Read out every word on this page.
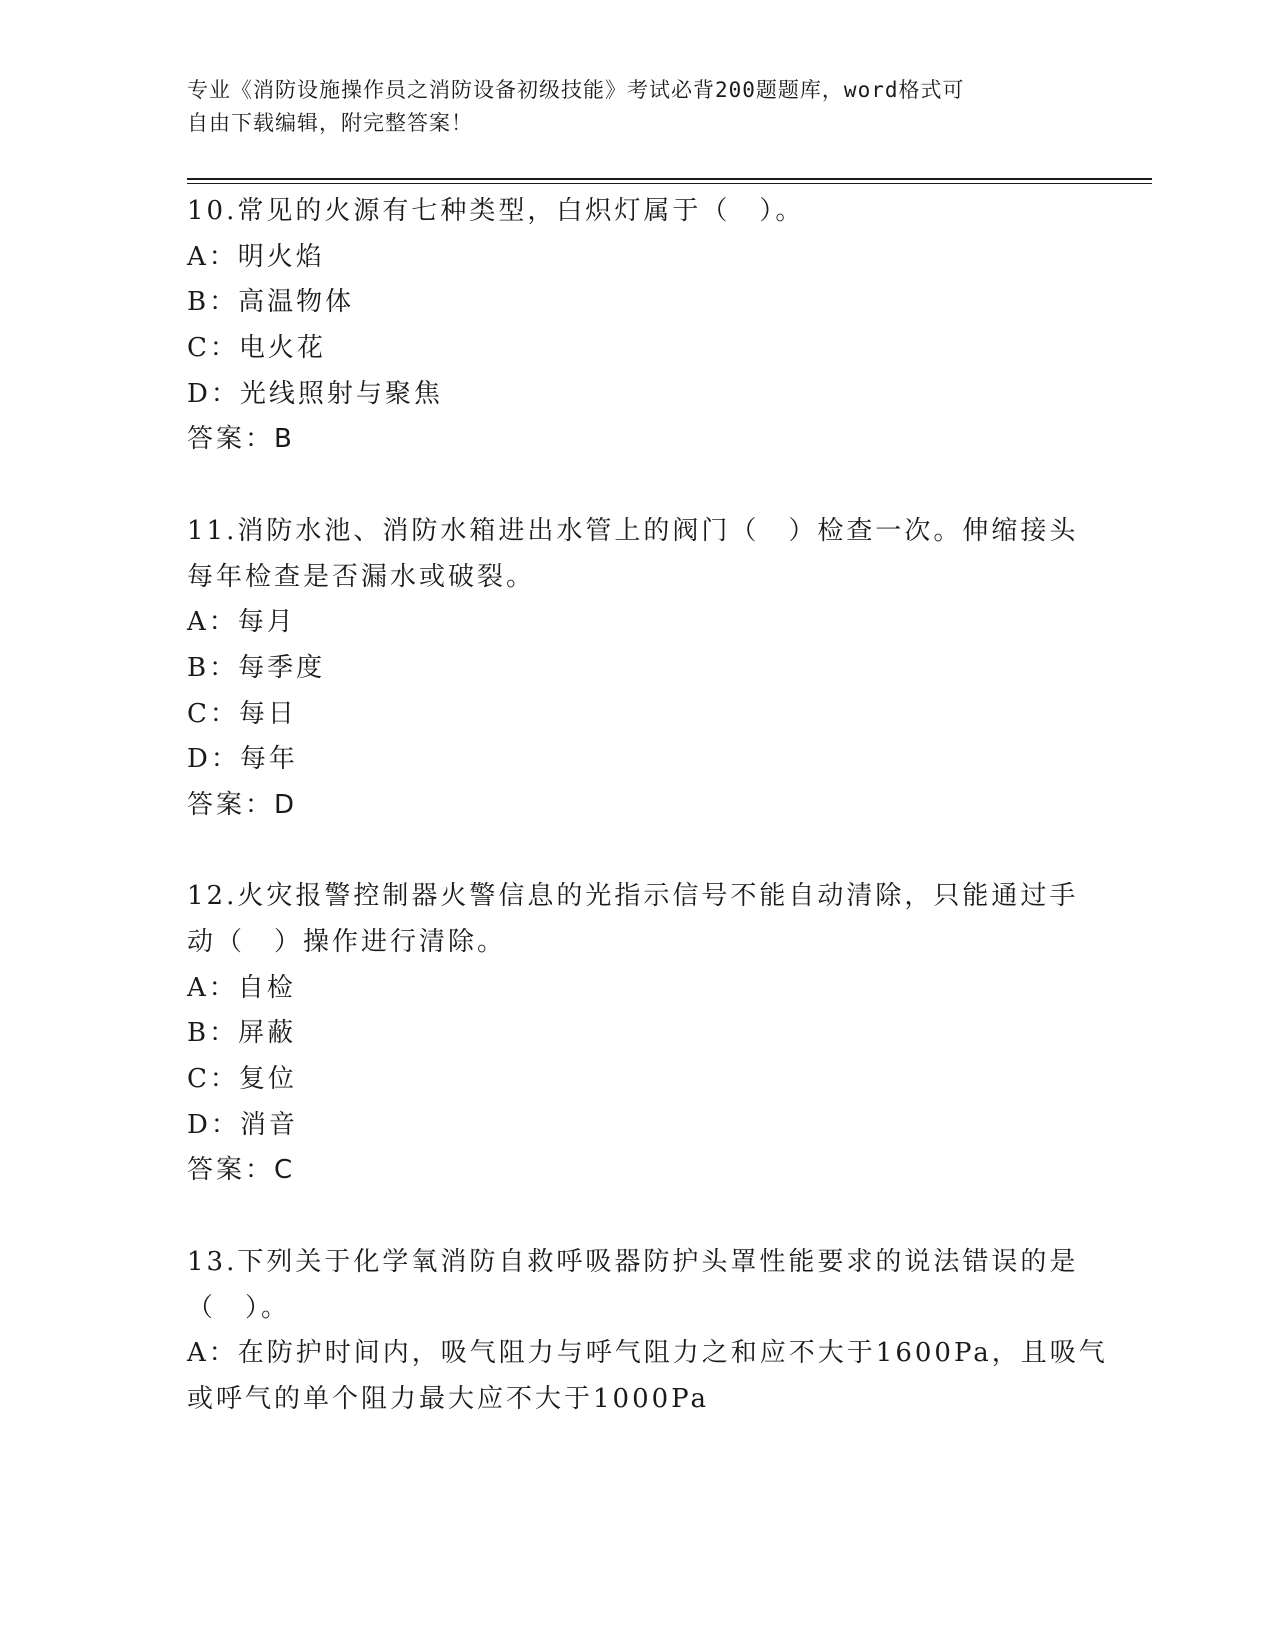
专业《消防设施操作员之消防设备初级技能》考试必背200题题库，word格式可
自由下载编辑，附完整答案！
10.常见的火源有七种类型，白炽灯属于（　）。
A：明火焰
B：高温物体
C：电火花
D：光线照射与聚焦
答案：B
11.消防水池、消防水箱进出水管上的阀门（　）检查一次。伸缩接头
每年检查是否漏水或破裂。
A：每月
B：每季度
C：每日
D：每年
答案：D
12.火灾报警控制器火警信息的光指示信号不能自动清除，只能通过手
动（　）操作进行清除。
A：自检
B：屏蔽
C：复位
D：消音
答案：C
13.下列关于化学氧消防自救呼吸器防护头罩性能要求的说法错误的是
（　）。
A：在防护时间内，吸气阻力与呼气阻力之和应不大于1600Pa，且吸气
或呼气的单个阻力最大应不大于1000Pa
